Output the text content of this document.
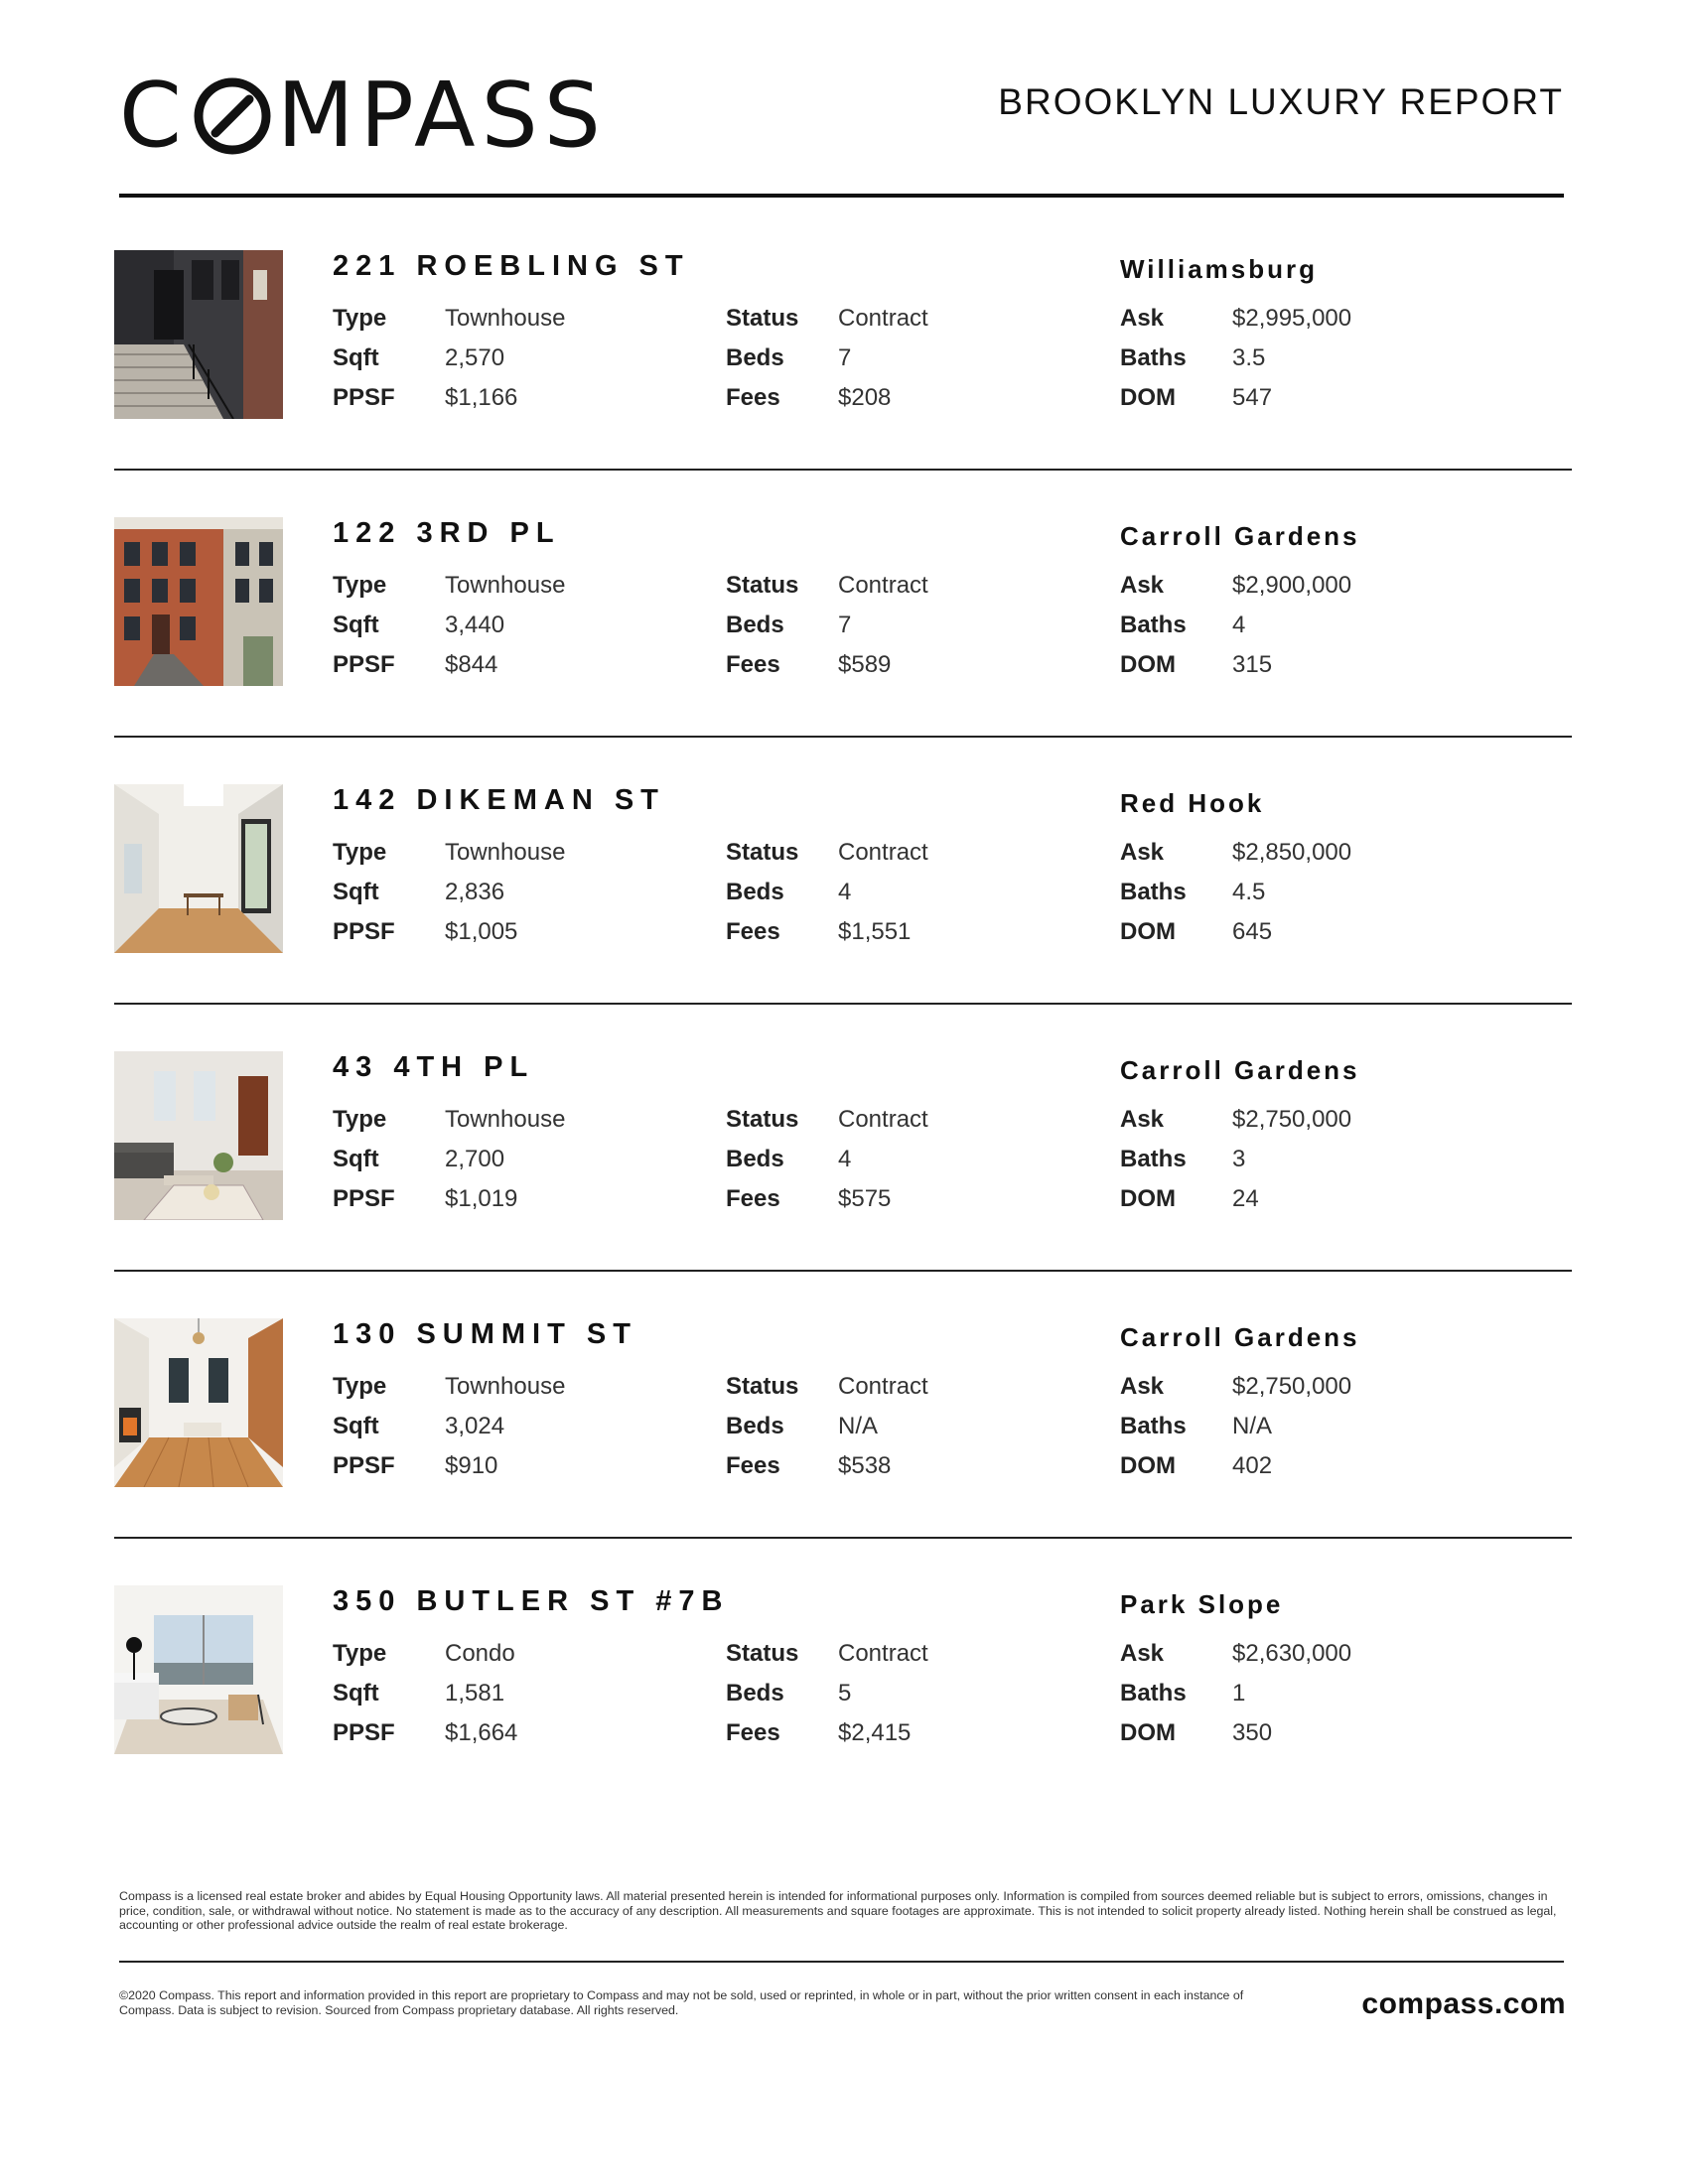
C MPASS	BROOKLYN LUXURY REPORT
221 ROEBLING ST	Williamsburg
Type Townhouse
Sqft	2,570
PPSF $1,166
Status Contract
Beds 7
Fees $208
Ask	$2,995,000
Baths 3.5
DOM 547
122 3RD PL	Carroll Gardens
Type Townhouse
Sqft	3,440
PPSF $844
Status Contract
Beds 7
Fees $589
Ask	$2,900,000
Baths 4
DOM 315
142 DIKEMAN ST	Red Hook
Type Townhouse
Sqft	2,836
PPSF $1,005
Status Contract
Beds 4
Fees $1,551
Ask	$2,850,000
Baths 4.5
DOM 645
43 4TH PL	Carroll Gardens
Type Townhouse
Sqft	2,700
PPSF $1,019
Status Contract
Beds 4
Fees $575
Ask	$2,750,000
Baths 3
DOM 24
130 SUMMIT ST	Carroll Gardens
Type Townhouse
Sqft	3,024
PPSF $910
Status Contract
Beds N/A
Fees $538
Ask	$2,750,000
Baths N/A
DOM 402
350 BUTLER ST #7B	Park Slope
Type Condo
Sqft	1,581
PPSF $1,664
Status Contract
Beds 5
Fees $2,415
Ask	$2,630,000
Baths 1
DOM 350
Compass is a licensed real estate broker and abides by Equal Housing Opportunity laws. All material presented herein is intended for informational purposes only. Information is compiled from sources deemed reliable but is subject to errors, omissions, changes in price, condition, sale, or withdrawal without notice. No statement is made as to the accuracy of any description. All measurements and square footages are approximate. This is not intended to solicit property already listed. Nothing herein shall be construed as legal, accounting or other professional advice outside the realm of real estate brokerage.
©2020 Compass. This report and information provided in this report are proprietary to Compass and may not be sold, used or reprinted, in whole or in part, without the prior written consent in each instance of Compass. Data is subject to revision. Sourced from Compass proprietary database. All rights reserved.	compass.com
